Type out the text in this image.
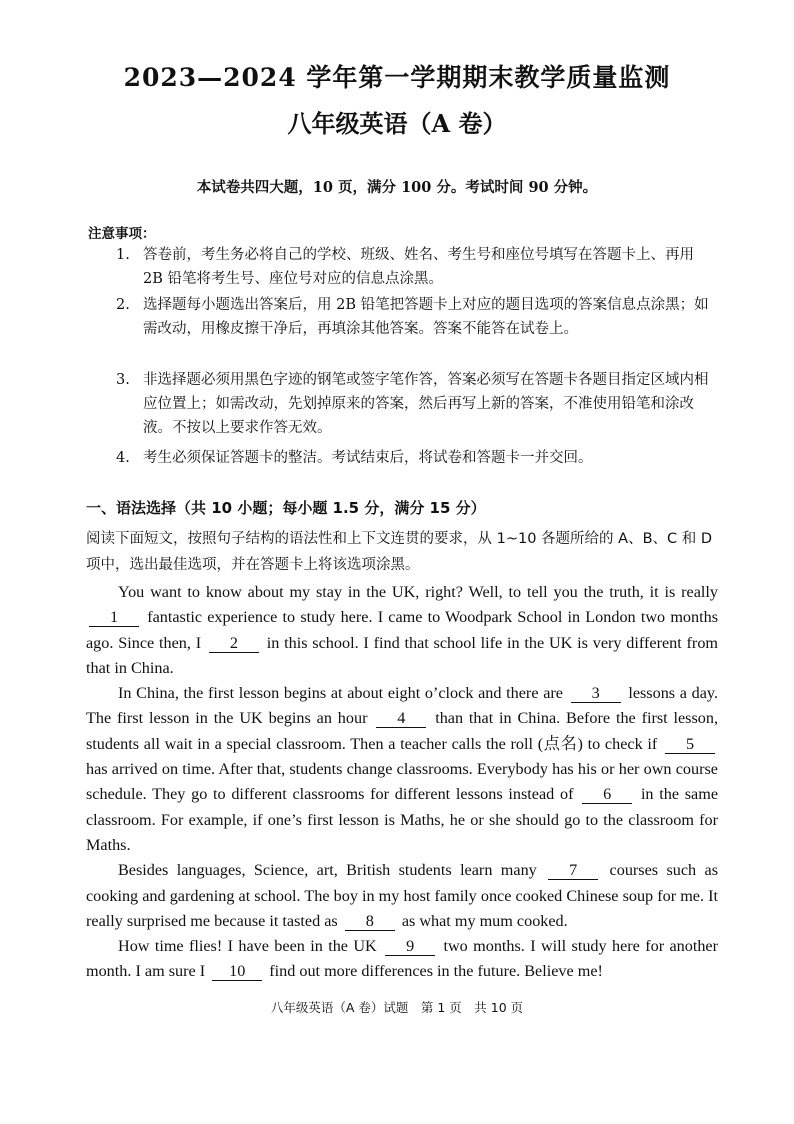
2023—2024 学年第一学期期末教学质量监测
八年级英语（A 卷）
本试卷共四大题，10 页，满分 100 分。考试时间 90 分钟。
注意事项：
1. 答卷前，考生务必将自己的学校、班级、姓名、考生号和座位号填写在答题卡上、再用 2B 铅笔将考生号、座位号对应的信息点涂黑。
2. 选择题每小题选出答案后，用 2B 铅笔把答题卡上对应的题目选项的答案信息点涂黑；如需改动，用橡皮擦干净后，再填涂其他答案。答案不能答在试卷上。
3. 非选择题必须用黑色字迹的钢笔或签字笔作答，答案必须写在答题卡各题目指定区域内相应位置上；如需改动，先划掉原来的答案，然后再写上新的答案，不准使用铅笔和涂改液。不按以上要求作答无效。
4. 考生必须保证答题卡的整洁。考试结束后，将试卷和答题卡一并交回。
一、语法选择（共 10 小题；每小题 1.5 分，满分 15 分）
阅读下面短文，按照句子结构的语法性和上下文连贯的要求，从 1~10 各题所给的 A、B、C 和 D 项中，选出最佳选项，并在答题卡上将该选项涂黑。

You want to know about my stay in the UK, right? Well, to tell you the truth, it is really 1 fantastic experience to study here. I came to Woodpark School in London two months ago. Since then, I 2 in this school. I find that school life in the UK is very different from that in China.

In China, the first lesson begins at about eight o’clock and there are 3 lessons a day. The first lesson in the UK begins an hour 4 than that in China. Before the first lesson, students all wait in a special classroom. Then a teacher calls the roll (点名) to check if 5 has arrived on time. After that, students change classrooms. Everybody has his or her own course schedule. They go to different classrooms for different lessons instead of 6 in the same classroom. For example, if one’s first lesson is Maths, he or she should go to the classroom for Maths.

Besides languages, Science, art, British students learn many 7 courses such as cooking and gardening at school. The boy in my host family once cooked Chinese soup for me. It really surprised me because it tasted as 8 as what my mum cooked.

How time flies! I have been in the UK 9 two months. I will study here for another month. I am sure I 10 find out more differences in the future. Believe me!

八年级英语（A 卷）试题　第 1 页　共 10 页
